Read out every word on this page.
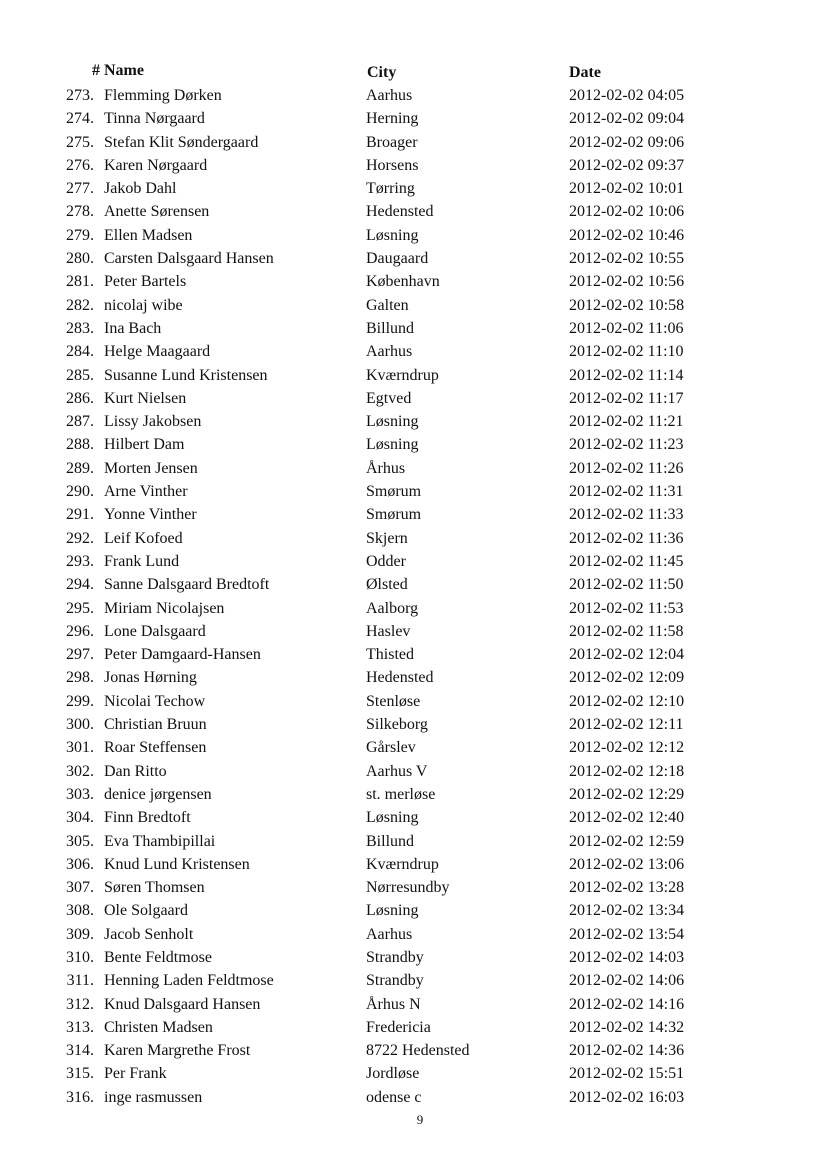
# Name	City	Date
273. Flemming Dørken	Aarhus	2012-02-02 04:05
274. Tinna Nørgaard	Herning	2012-02-02 09:04
275. Stefan Klit Søndergaard	Broager	2012-02-02 09:06
276. Karen Nørgaard	Horsens	2012-02-02 09:37
277. Jakob Dahl	Tørring	2012-02-02 10:01
278. Anette Sørensen	Hedensted	2012-02-02 10:06
279. Ellen Madsen	Løsning	2012-02-02 10:46
280. Carsten Dalsgaard Hansen	Daugaard	2012-02-02 10:55
281. Peter Bartels	København	2012-02-02 10:56
282. nicolaj wibe	Galten	2012-02-02 10:58
283. Ina Bach	Billund	2012-02-02 11:06
284. Helge Maagaard	Aarhus	2012-02-02 11:10
285. Susanne Lund Kristensen	Kværndrup	2012-02-02 11:14
286. Kurt Nielsen	Egtved	2012-02-02 11:17
287. Lissy Jakobsen	Løsning	2012-02-02 11:21
288. Hilbert Dam	Løsning	2012-02-02 11:23
289. Morten Jensen	Århus	2012-02-02 11:26
290. Arne Vinther	Smørum	2012-02-02 11:31
291. Yonne Vinther	Smørum	2012-02-02 11:33
292. Leif Kofoed	Skjern	2012-02-02 11:36
293. Frank Lund	Odder	2012-02-02 11:45
294. Sanne Dalsgaard Bredtoft	Ølsted	2012-02-02 11:50
295. Miriam Nicolajsen	Aalborg	2012-02-02 11:53
296. Lone Dalsgaard	Haslev	2012-02-02 11:58
297. Peter Damgaard-Hansen	Thisted	2012-02-02 12:04
298. Jonas Hørning	Hedensted	2012-02-02 12:09
299. Nicolai Techow	Stenløse	2012-02-02 12:10
300. Christian Bruun	Silkeborg	2012-02-02 12:11
301. Roar Steffensen	Gårslev	2012-02-02 12:12
302. Dan Ritto	Aarhus V	2012-02-02 12:18
303. denice jørgensen	st. merløse	2012-02-02 12:29
304. Finn Bredtoft	Løsning	2012-02-02 12:40
305. Eva Thambipillai	Billund	2012-02-02 12:59
306. Knud Lund Kristensen	Kværndrup	2012-02-02 13:06
307. Søren Thomsen	Nørresundby	2012-02-02 13:28
308. Ole Solgaard	Løsning	2012-02-02 13:34
309. Jacob Senholt	Aarhus	2012-02-02 13:54
310. Bente Feldtmose	Strandby	2012-02-02 14:03
311. Henning Laden Feldtmose	Strandby	2012-02-02 14:06
312. Knud Dalsgaard Hansen	Århus N	2012-02-02 14:16
313. Christen Madsen	Fredericia	2012-02-02 14:32
314. Karen Margrethe Frost	8722 Hedensted	2012-02-02 14:36
315. Per Frank	Jordløse	2012-02-02 15:51
316. inge rasmussen	odense c	2012-02-02 16:03
9
